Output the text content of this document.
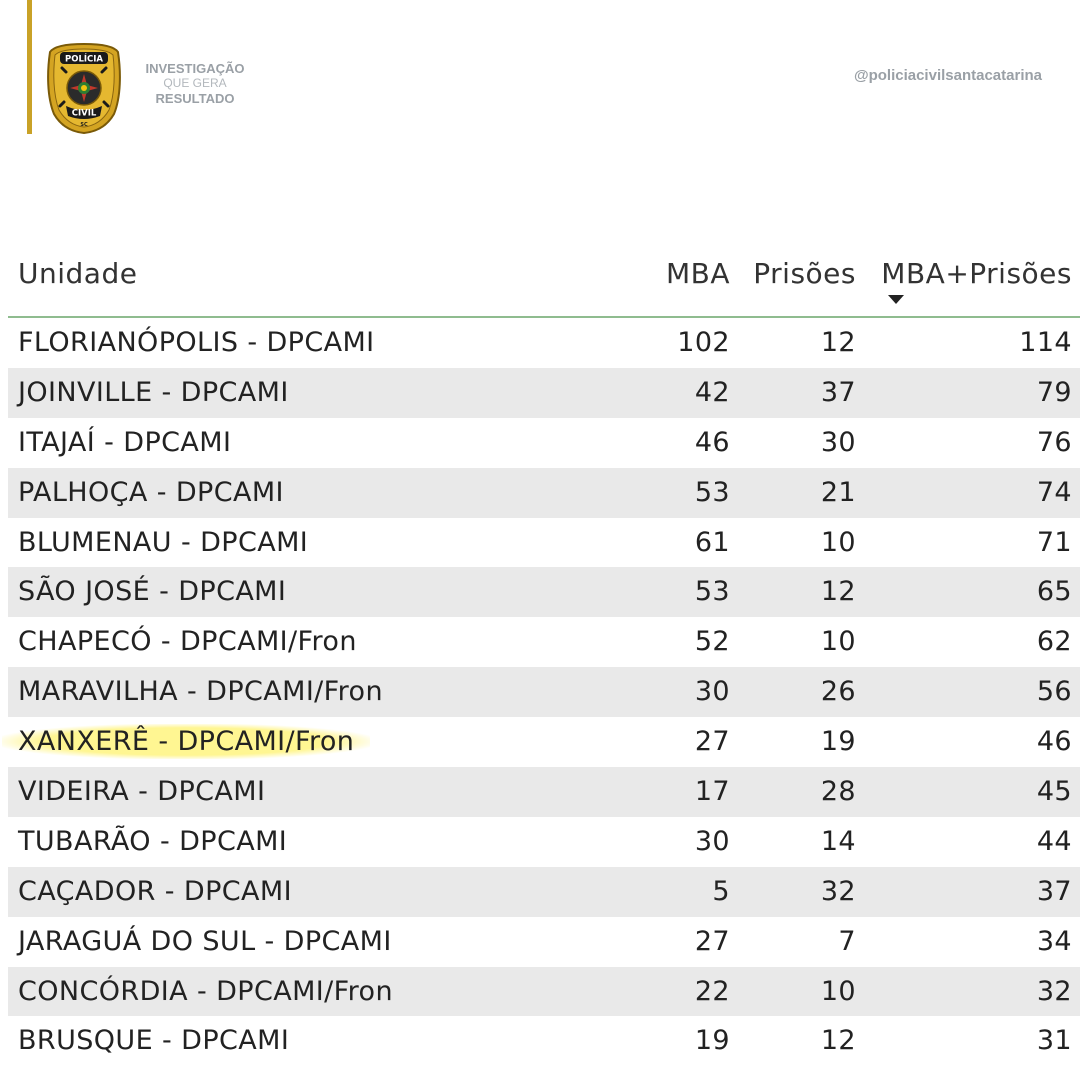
POLÍCIA
CIVIL
SC
INVESTIGAÇÃO
QUE GERA
RESULTADO
@policiacivilsantacatarina
Unidade	MBA Prisões MBA+Prisões
FLORIANÓPOLIS - DPCAMI	102	12	114
JOINVILLE - DPCAMI	42	37	79
ITAJAÍ - DPCAMI	46	30	76
PALHOÇA - DPCAMI	53	21	74
BLUMENAU - DPCAMI	61	10	71
SÃO JOSÉ - DPCAMI	53	12	65
CHAPECÓ - DPCAMI/Fron	52	10	62
MARAVILHA - DPCAMI/Fron	30	26	56
XANXERÊ - DPCAMI/Fron	27	19	46
VIDEIRA - DPCAMI	17	28	45
TUBARÃO - DPCAMI	30	14	44
CAÇADOR - DPCAMI	5	32	37
JARAGUÁ DO SUL - DPCAMI	27	7	34
CONCÓRDIA - DPCAMI/Fron	22	10	32
BRUSQUE - DPCAMI	19	12	31
